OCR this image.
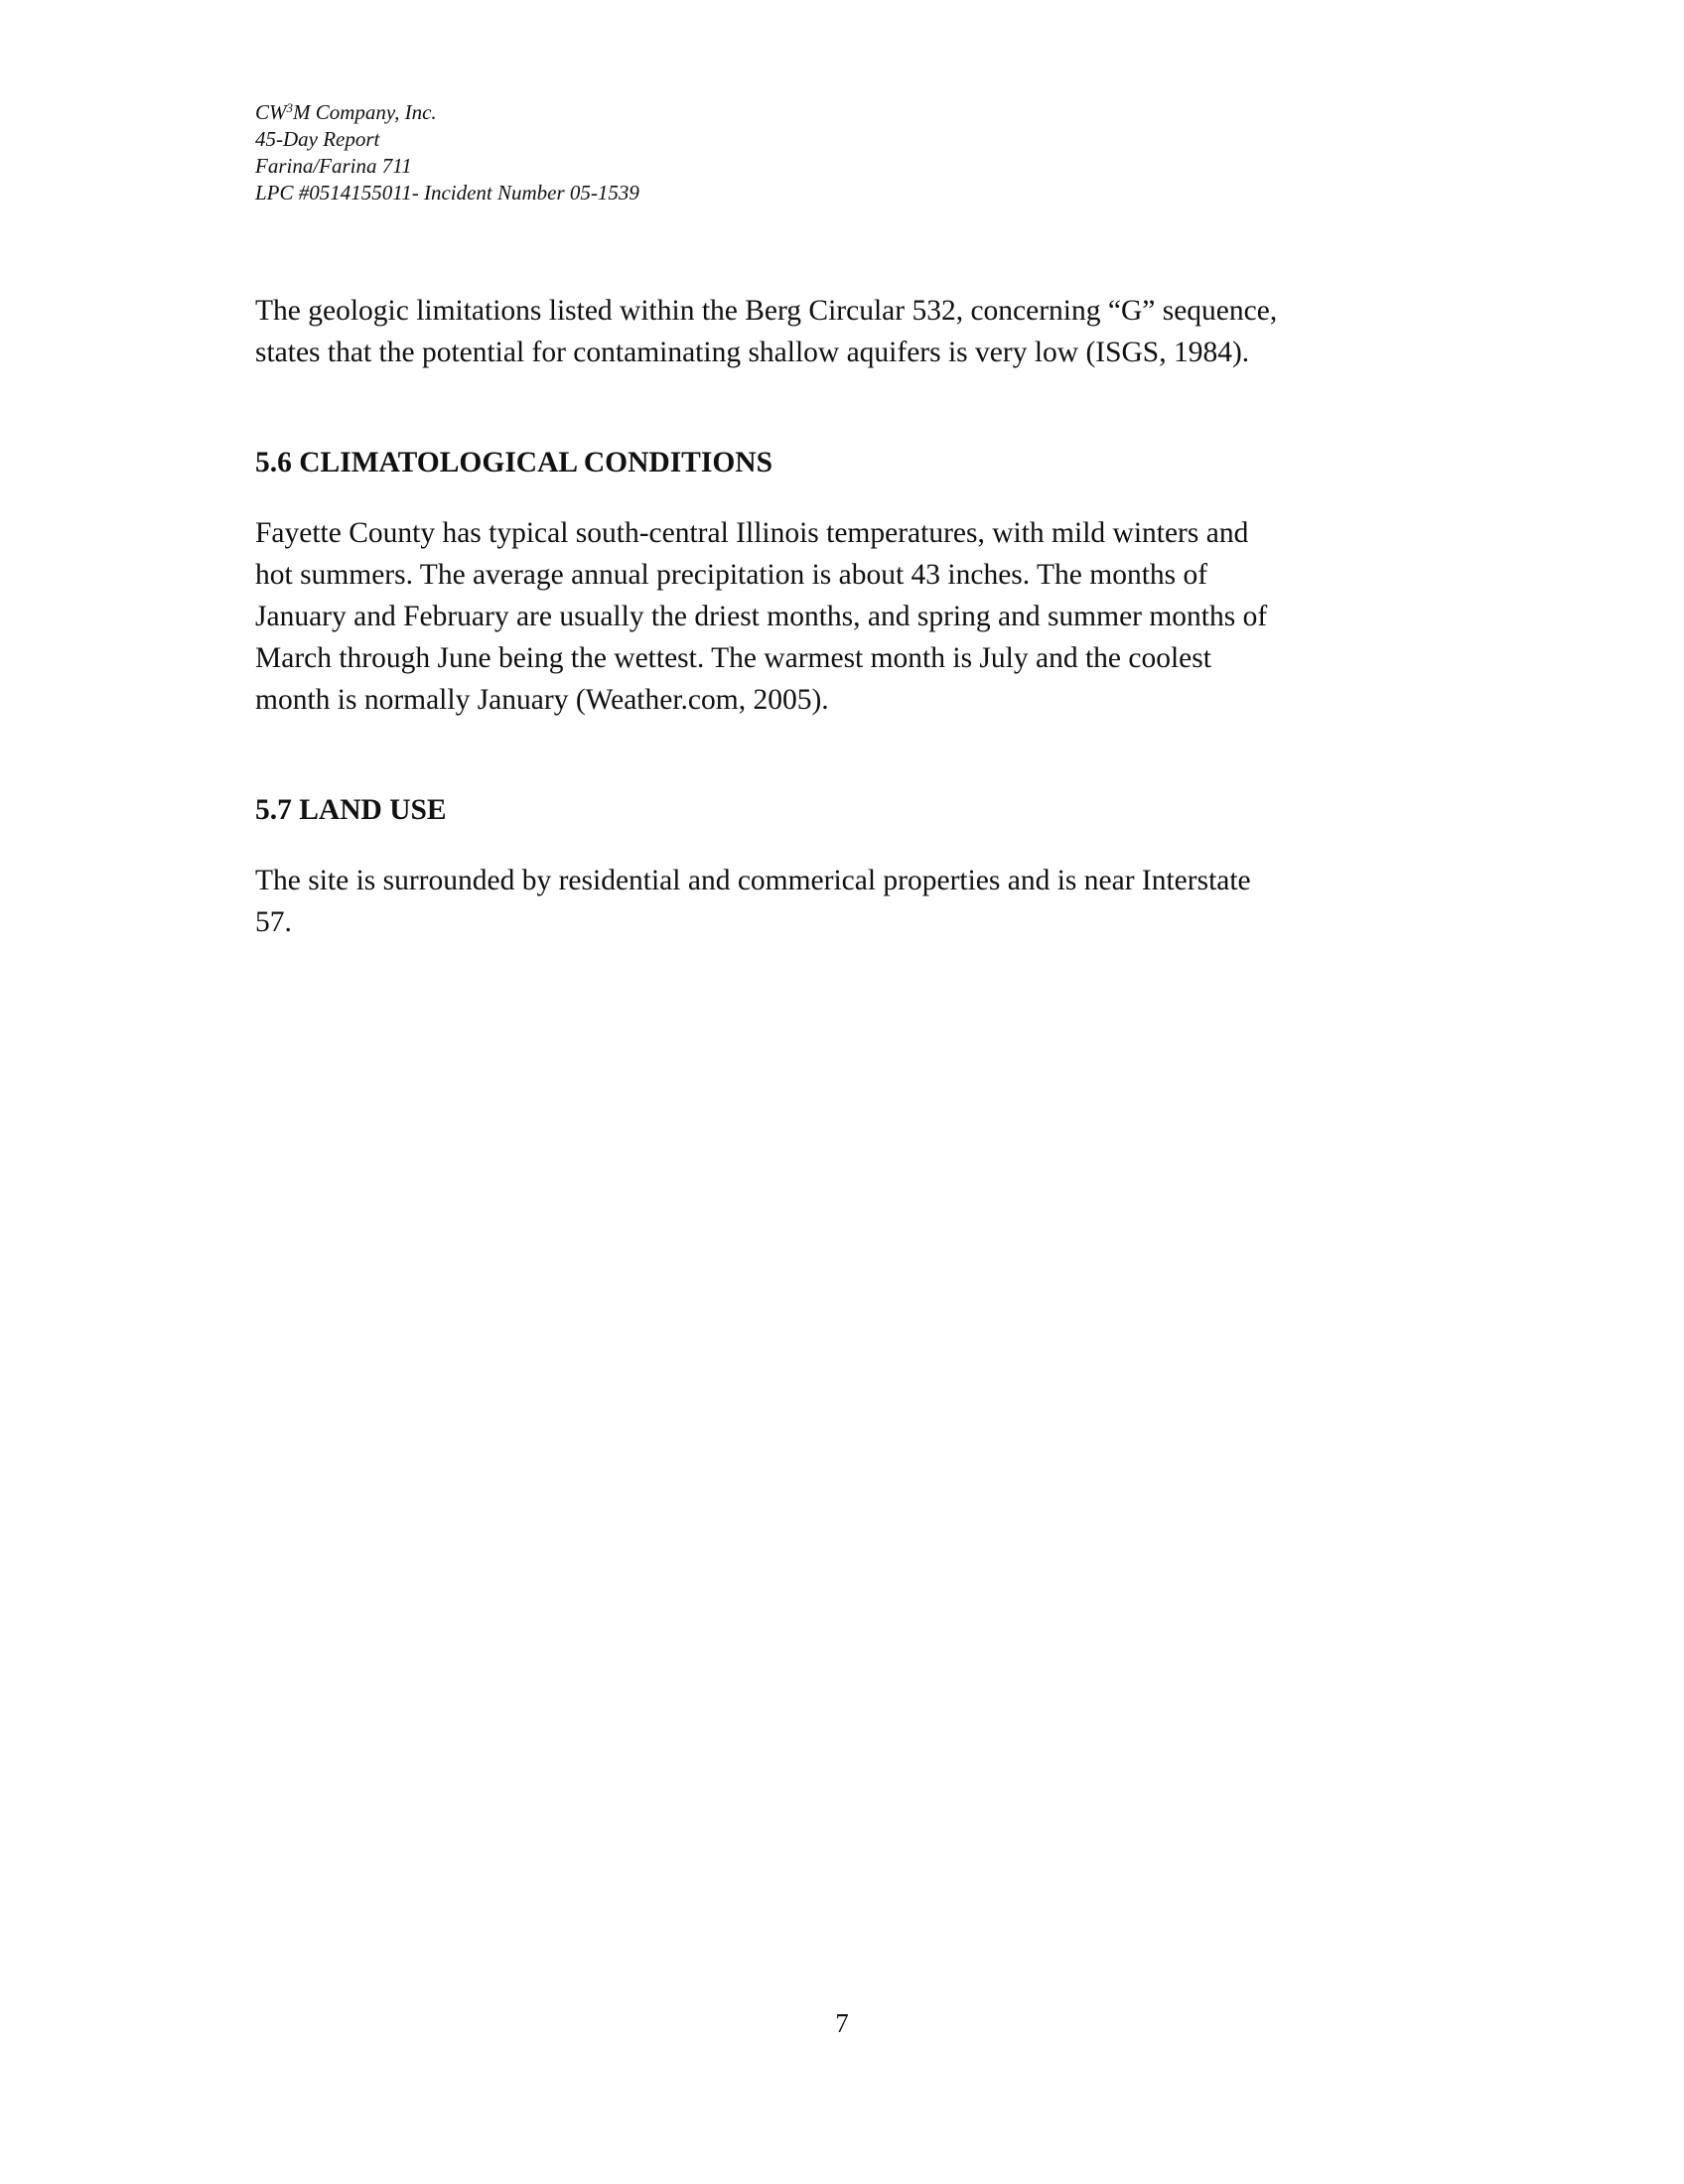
$CW^3M$ Company, Inc.
45-Day Report
Farina/Farina 711
LPC #0514155011- Incident Number 05-1539

The geologic limitations listed within the Berg Circular 532, concerning “G” sequence,
states that the potential for contaminating shallow aquifers is very low (ISGS, 1984).

5.6 CLIMATOLOGICAL CONDITIONS

Fayette County has typical south-central Illinois temperatures, with mild winters and
hot summers. The average annual precipitation is about 43 inches. The months of
January and February are usually the driest months, and spring and summer months of
March through June being the wettest. The warmest month is July and the coolest
month is normally January (Weather.com, 2005).

5.7 LAND USE

The site is surrounded by residential and commerical properties and is near Interstate
57.

7
